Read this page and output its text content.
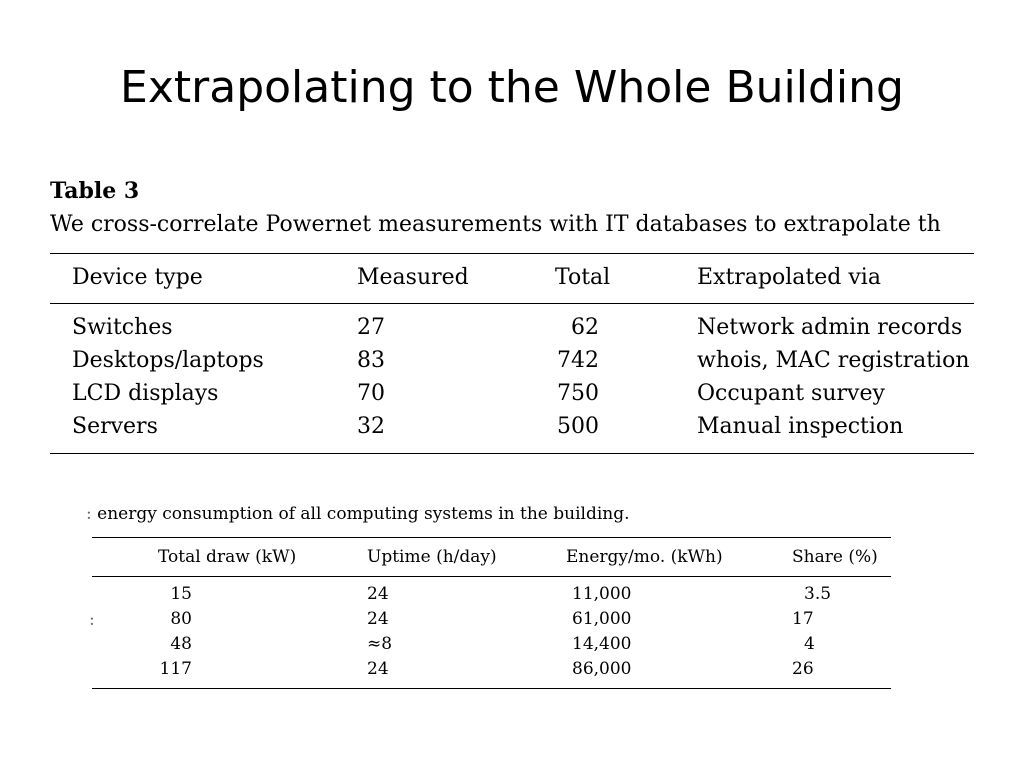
Extrapolating to the Whole Building
Table 3
We cross-correlate Powernet measurements with IT databases to extrapolate th
Device type	Measured	Total	Extrapolated via
Switches	27	62	Network admin records
Desktops/laptops	83	742	whois, MAC registration
LCD displays	70	750	Occupant survey
Servers	32	500	Manual inspection
: energy consumption of all computing systems in the building.
Total draw (kW)	Uptime (h/day)	Energy/mo. (kWh)	Share (%)
:
15	24	11,000	3.5
80	24	61,000	17
48	≈8	14,400	4
117	24	86,000	26
